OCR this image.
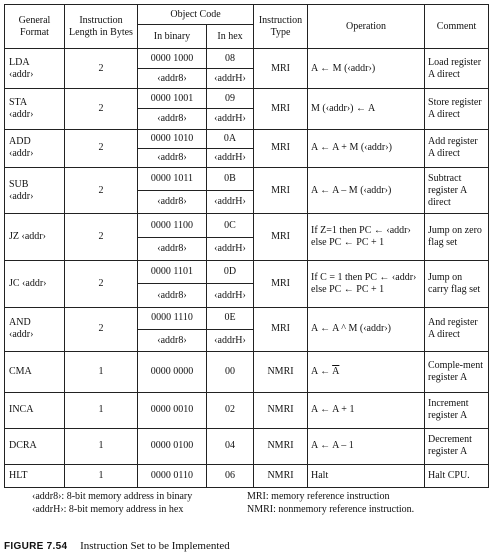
General Format	Instruction Length in Bytes	Object Code		Instruction Type	Operation	Comment
		In binary	In hex			

LDA
‹addr›	2	0000 1000	08	MRI	A ← M (‹addr›)	Load register A direct
		‹addr8›	‹addrH›			

STA
‹addr›	2	0000 1001	09	MRI	M (‹addr›) ← A	Store register A direct
		‹addr8›	‹addrH›			

ADD
‹addr›	2	0000 1010	0A	MRI	A ← A + M (‹addr›)	Add register A direct
		‹addr8›	‹addrH›			

SUB
‹addr›	2	0000 1011	0B	MRI	A ← A – M (‹addr›)	Subtract register A direct
		‹addr8›	‹addrH›			

JZ ‹addr›	2	0000 1100	0C	MRI	If Z=1 then PC ← ‹addr› else PC ← PC + 1	Jump on zero flag set
		‹addr8›	‹addrH›			

JC ‹addr›	2	0000 1101	0D	MRI	If C = 1 then PC ← ‹addr› else PC ← PC + 1	Jump on carry flag set
		‹addr8›	‹addrH›			

AND
‹addr›	2	0000 1110	0E	MRI	A ← A ^ M (‹addr›)	And register A direct
		‹addr8›	‹addrH›			

CMA	1	0000 0000	00	NMRI	A ← $\overline{A}$	Comple-ment register A

INCA	1	0000 0010	02	NMRI	A ← A + 1	Increment register A

DCRA	1	0000 0100	04	NMRI	A ← A – 1	Decrement register A

HLT	1	0000 0110	06	NMRI	Halt	Halt CPU.
‹addr8›: 8-bit memory address in binary	MRI: memory reference instruction
‹addrH›: 8-bit memory address in hex	NMRI: nonmemory reference instruction.
FIGURE 7.54 Instruction Set to be Implemented
